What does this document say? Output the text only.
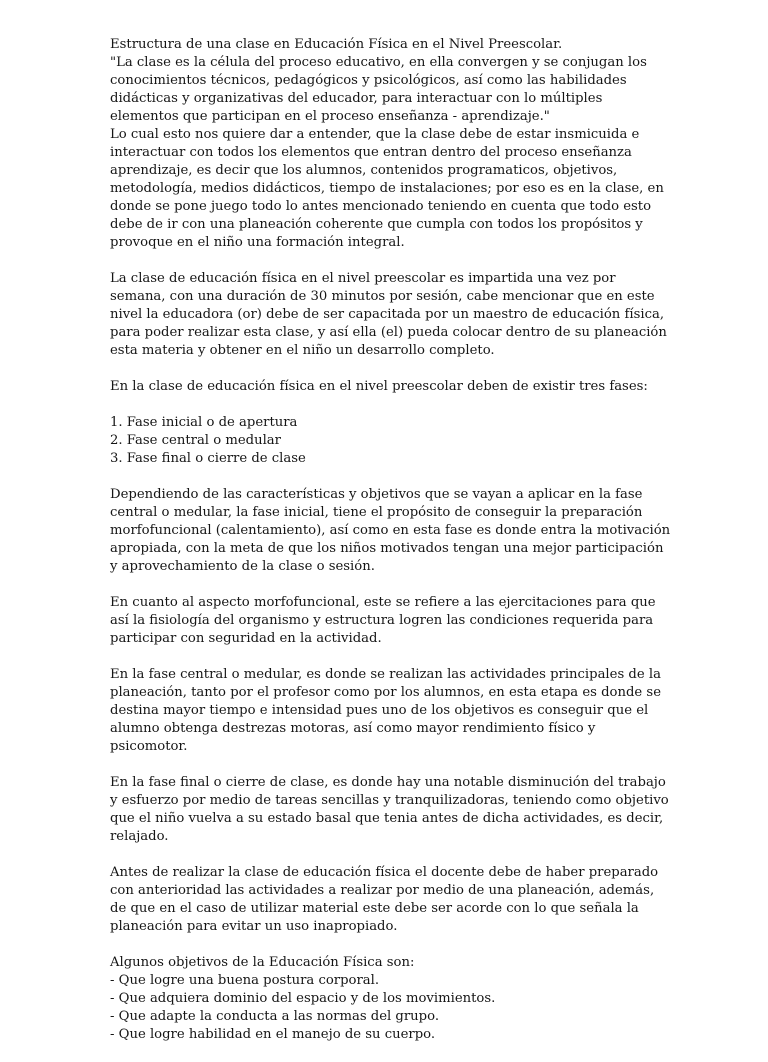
Estructura de una clase en Educación Física en el Nivel Preescolar.
"La clase es la célula del proceso educativo, en ella convergen y se conjugan los
conocimientos técnicos, pedagógicos y psicológicos, así como las habilidades
didácticas y organizativas del educador, para interactuar con lo múltiples
elementos que participan en el proceso enseñanza - aprendizaje."
Lo cual esto nos quiere dar a entender, que la clase debe de estar insmicuida e
interactuar con todos los elementos que entran dentro del proceso enseñanza
aprendizaje, es decir que los alumnos, contenidos programaticos, objetivos,
metodología, medios didácticos, tiempo de instalaciones; por eso es en la clase, en
donde se pone juego todo lo antes mencionado teniendo en cuenta que todo esto
debe de ir con una planeación coherente que cumpla con todos los propósitos y
provoque en el niño una formación integral.
La clase de educación física en el nivel preescolar es impartida una vez por
semana, con una duración de 30 minutos por sesión, cabe mencionar que en este
nivel la educadora (or) debe de ser capacitada por un maestro de educación física,
para poder realizar esta clase, y así ella (el) pueda colocar dentro de su planeación
esta materia y obtener en el niño un desarrollo completo.
En la clase de educación física en el nivel preescolar deben de existir tres fases:
1. Fase inicial o de apertura
2. Fase central o medular
3. Fase final o cierre de clase
Dependiendo de las características y objetivos que se vayan a aplicar en la fase
central o medular, la fase inicial, tiene el propósito de conseguir la preparación
morfofuncional (calentamiento), así como en esta fase es donde entra la motivación
apropiada, con la meta de que los niños motivados tengan una mejor participación
y aprovechamiento de la clase o sesión.
En cuanto al aspecto morfofuncional, este se refiere a las ejercitaciones para que
así la fisiología del organismo y estructura logren las condiciones requerida para
participar con seguridad en la actividad.
En la fase central o medular, es donde se realizan las actividades principales de la
planeación, tanto por el profesor como por los alumnos, en esta etapa es donde se
destina mayor tiempo e intensidad pues uno de los objetivos es conseguir que el
alumno obtenga destrezas motoras, así como mayor rendimiento físico y
psicomotor.
En la fase final o cierre de clase, es donde hay una notable disminución del trabajo
y esfuerzo por medio de tareas sencillas y tranquilizadoras, teniendo como objetivo
que el niño vuelva a su estado basal que tenia antes de dicha actividades, es decir,
relajado.
Antes de realizar la clase de educación física el docente debe de haber preparado
con anterioridad las actividades a realizar por medio de una planeación, además,
de que en el caso de utilizar material este debe ser acorde con lo que señala la
planeación para evitar un uso inapropiado.
Algunos objetivos de la Educación Física son:
- Que logre una buena postura corporal.
- Que adquiera dominio del espacio y de los movimientos.
- Que adapte la conducta a las normas del grupo.
- Que logre habilidad en el manejo de su cuerpo.
